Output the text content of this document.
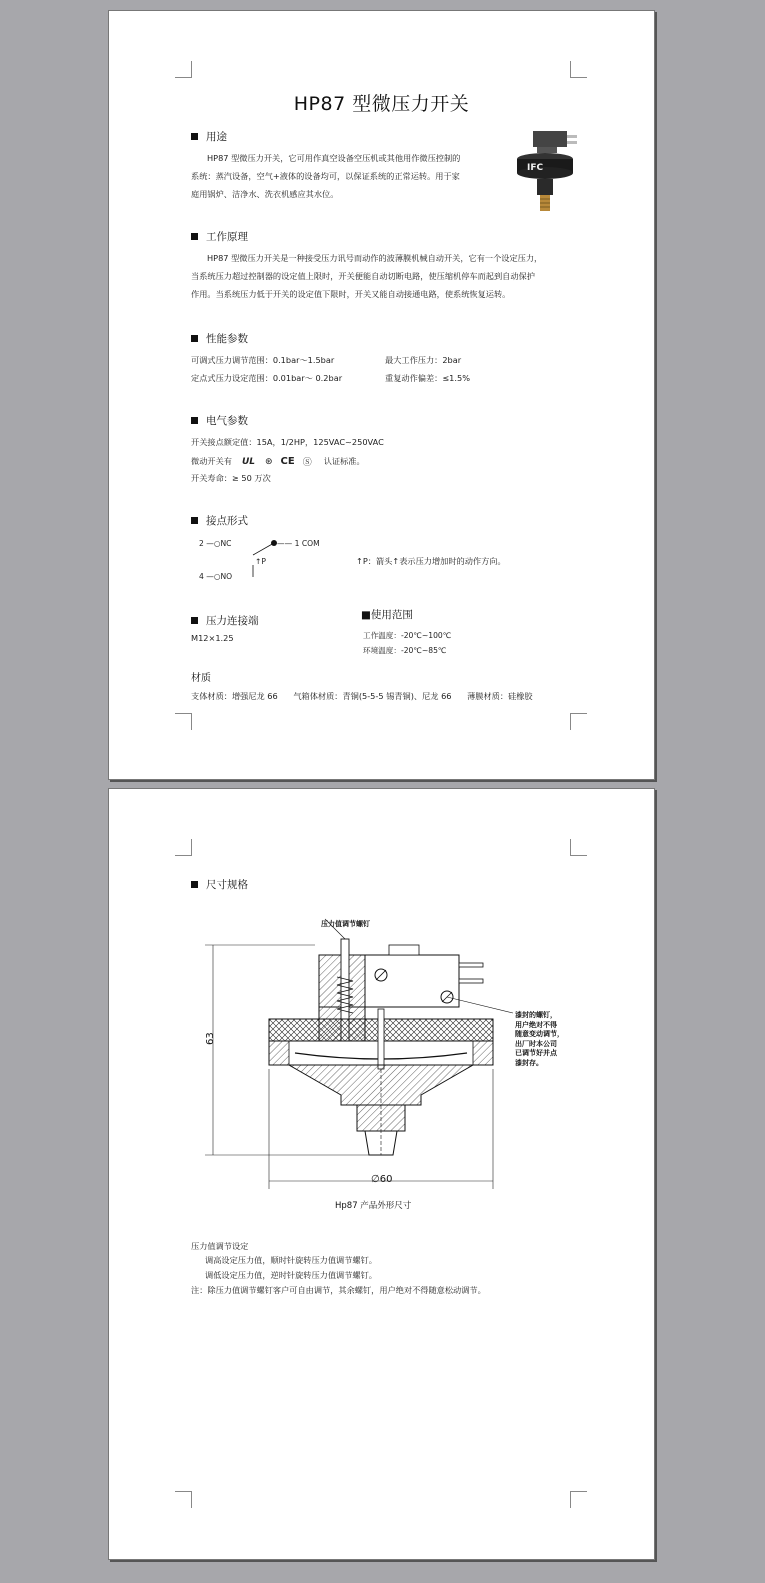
HP87 型微压力开关
用途
HP87 型微压力开关，它可用作真空设备空压机或其他用作微压控制的
系统：蒸汽设备，空气+液体的设备均可，以保证系统的正常运转。用于家
庭用锅炉、洁净水、洗衣机感应其水位。
IFC
工作原理
HP87 型微压力开关是一种接受压力讯号而动作的波薄膜机械自动开关，它有一个设定压力，
当系统压力超过控制器的设定值上限时，开关便能自动切断电路，使压缩机停车而起到自动保护
作用。当系统压力低于开关的设定值下限时，开关又能自动接通电路，使系统恢复运转。
性能参数
可调式压力调节范围：0.1bar～1.5bar	最大工作压力：2bar
定点式压力设定范围：0.01bar～ 0.2bar	重复动作偏差：≤1.5%
电气参数
开关接点额定值：15A，1/2HP，125VAC~250VAC
微动开关有 UL ⊛ CE Ⓢ 认证标准。
开关寿命：≥ 50 万次
接点形式
2 —○NC	—— 1 COM
↑P
4 —○NO
↑P：箭头↑表示压力增加时的动作方向。
压力连接端
M12×1.25
■使用范围
工作温度：-20℃~100℃
环境温度：-20℃~85℃
材质
支体材质：增强尼龙 66      气箱体材质：青铜(5-5-5 锡青铜)、尼龙 66      薄膜材质：硅橡胶
尺寸规格
压力值调节螺钉
63
∅60
Hp87 产品外形尺寸
漆封的螺钉，
用户绝对不得
随意变动调节，
出厂时本公司
已调节好并点
漆封存。
压力值调节设定
调高设定压力值，顺时针旋转压力值调节螺钉。
调低设定压力值，逆时针旋转压力值调节螺钉。
注：除压力值调节螺钉客户可自由调节，其余螺钉，用户绝对不得随意松动调节。
